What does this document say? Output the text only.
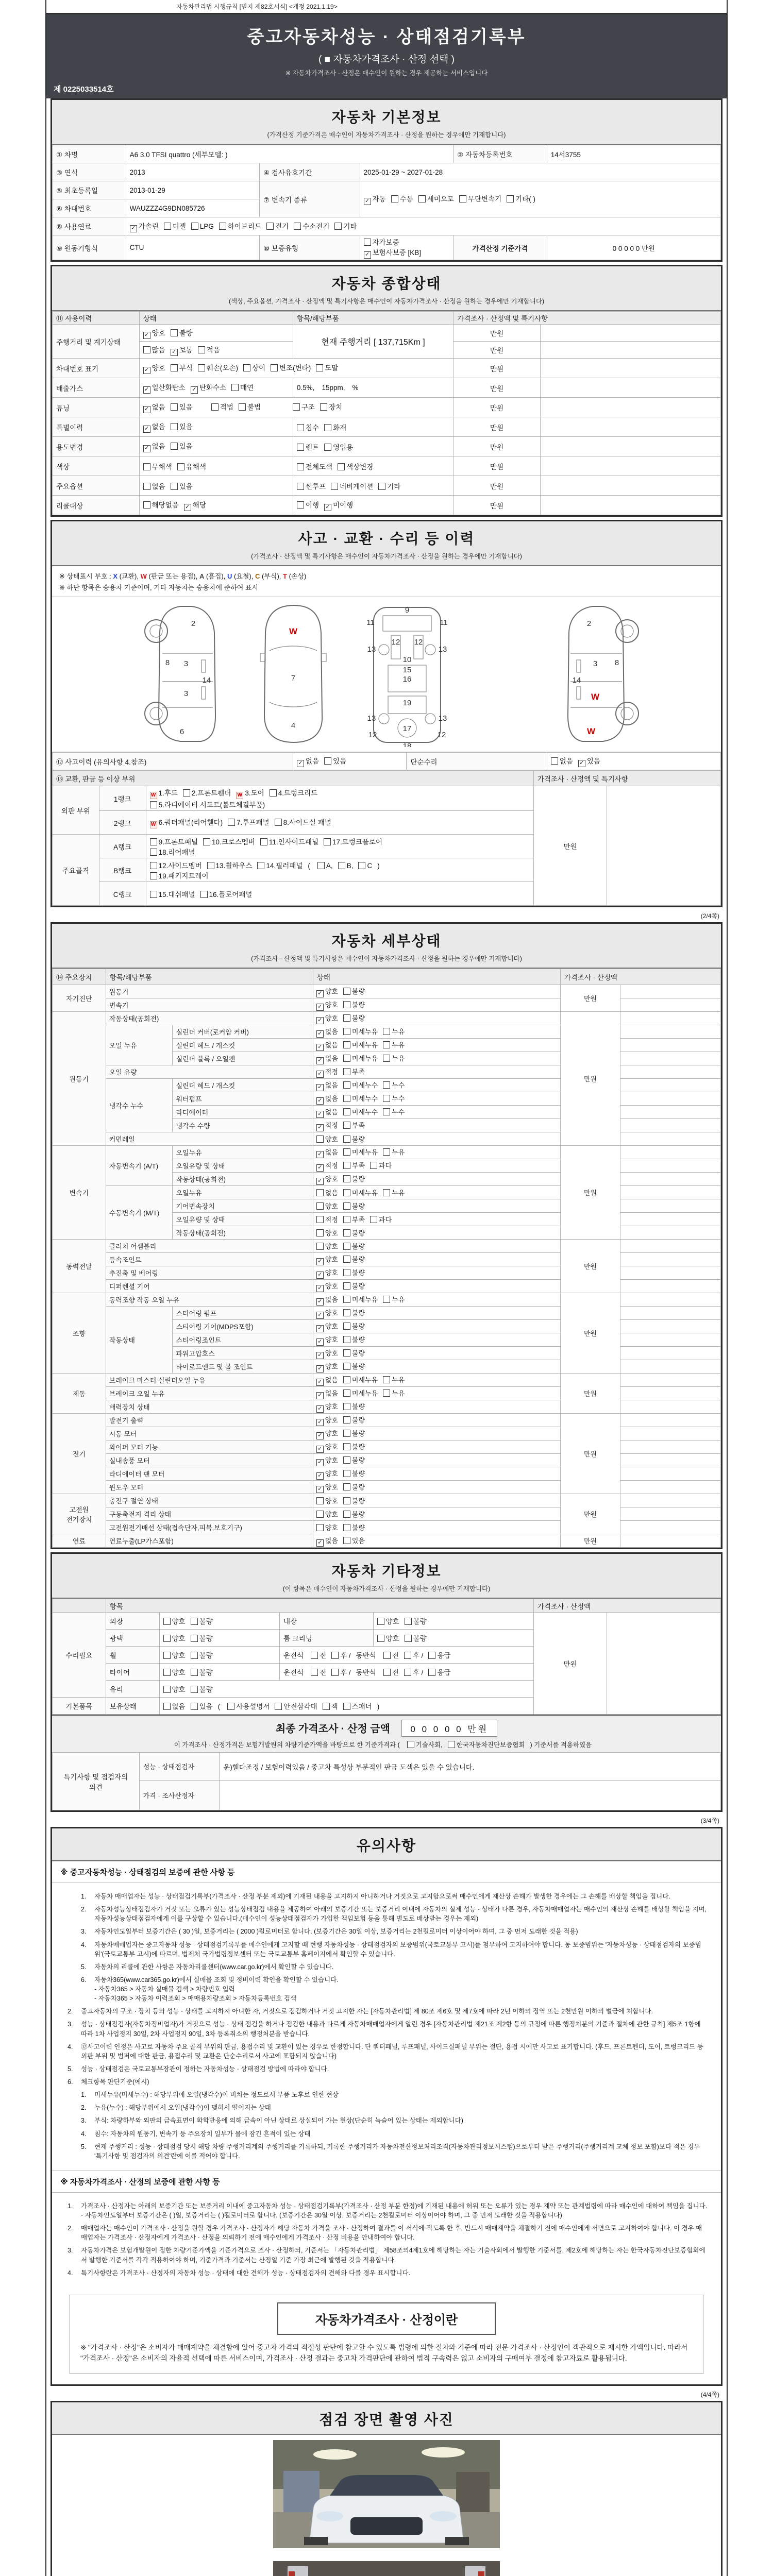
자동차관리법 시행규칙 [별지 제82호서식] <개정 2021.1.19>
중고자동차성능 · 상태점검기록부
( ■ 자동차가격조사 · 산정 선택 )
※ 자동차가격조사 · 산정은 매수인이 원하는 경우 제공하는 서비스입니다
제 0225033514호
자동차 기본정보
(가격산정 기준가격은 매수인이 자동차가격조사 · 산정을 원하는 경우에만 기재합니다)
① 차명	A6 3.0 TFSI quattro (세부모델: )			② 자동차등록번호	14서3755
③ 연식	2013	④ 검사유효기간	2025-01-29 ~ 2027-01-28		
⑤ 최초등록일	2013-01-29	⑦ 변속기 종류	✓ 자동 수동 세미오토 무단변속기 기타( )		
⑥ 차대번호	WAUZZZ4G9DN085726				
⑧ 사용연료	✓ 가솔린 디젤 LPG 하이브리드 전기 수소전기 기타				
⑨ 원동기형식	CTU	⑩ 보증유형	자가보증✓ 보험사보증 [KB]	가격산정 기준가격	0 0 0 0 0 만원
자동차 종합상태
(색상, 주요옵션, 가격조사 · 산정액 및 특기사항은 매수인이 자동차가격조사 · 산정을 원하는 경우에만 기재합니다)
⑪ 사용이력	상태	항목/해당부품	가격조사 · 산정액 및 특기사항	
주행거리 및 계기상태	✓ 양호 불량	현재 주행거리 [ 137,715Km ]	만원	
	많음 ✓ 보통 적음		만원	
차대번호 표기	✓ 양호 부식 훼손(오손) 상이 변조(변타) 도말		만원	
배출가스	✓ 일산화탄소 ✓ 탄화수소 매연	0.5%, 15ppm, %	만원	
튜닝	✓ 없음 있음 적법 불법 구조 장치		만원	
특별이력	✓ 없음 있음	침수 화재	만원	
용도변경	✓ 없음 있음	렌트 영업용	만원	
색상	무채색 유채색	전체도색 색상변경	만원	
주요옵션	없음 있음	썬루프 네비게이션 기타	만원	
리콜대상	해당없음 ✓ 해당	이행 ✓ 미이행	만원	
사고 · 교환 · 수리 등 이력
(가격조사 · 산정액 및 특기사항은 매수인이 자동차가격조사 · 산정을 원하는 경우에만 기재합니다)
※ 상태표시 부호 : X (교환), W (판금 또는 용접), A (흠집), U (요철), C (부식), T (손상)
※ 하단 항목은 승용차 기준이며, 기타 자동차는 승용차에 준하여 표시
2
8 3
14
3
6
W
7
4
9
11	11
13	13
12 12
10
15
16
19
13	13
12	12
17
18
2
3 8
14
W
W
⑫ 사고이력 (유의사항 4.참조)	✓ 없음 있음	단순수리	없음 ✓ 있음
⑬ 교환, 판금 등 이상 부위			가격조사 · 산정액 및 특기사항	
외판 부위	1랭크	W 1.후드 2.프론트휀더 W 3.도어 4.트렁크리드
5.라디에이터 서포트(볼트체결부품)	만원	
	2랭크	W 6.쿼터패널(리어휀다) 7.루프패널 8.사이드실 패널		
주요골격	A랭크	9.프론트패널 10.크로스멤버 11.인사이드패널 17.트렁크플로어
18.리어패널		
	B랭크	12.사이드멤버 13.휠하우스 14.필러패널 ( A, B, C )
19.패키지트레이		
	C랭크	15.대쉬패널 16.플로어패널		
(2/4쪽)
자동차 세부상태
(가격조사 · 산정액 및 특기사항은 매수인이 자동차가격조사 · 산정을 원하는 경우에만 기재합니다)
⑭ 주요장치	항목/해당부품		상태	가격조사 · 산정액	
자기진단	원동기		✓ 양호 불량	만원	
	변속기		✓ 양호 불량		
원동기	작동상태(공회전)		✓ 양호 불량	만원	
	오일 누유	실린더 커버(로커암 커버)	✓ 없음 미세누유 누유		
		실린더 헤드 / 개스킷	✓ 없음 미세누유 누유		
		실린더 블록 / 오일팬	✓ 없음 미세누유 누유		
	오일 유량		✓ 적정 부족		
	냉각수 누수	실린더 헤드 / 개스킷	✓ 없음 미세누수 누수		
		워터펌프	✓ 없음 미세누수 누수		
		라디에이터	✓ 없음 미세누수 누수		
		냉각수 수량	✓ 적정 부족		
	커먼레일		양호 불량		
변속기	자동변속기 (A/T)	오일누유	✓ 없음 미세누유 누유	만원	
		오일유량 및 상태	✓ 적정 부족 과다		
		작동상태(공회전)	✓ 양호 불량		
	수동변속기 (M/T)	오일누유	없음 미세누유 누유		
		기어변속장치	양호 불량		
		오일유량 및 상태	적정 부족 과다		
		작동상태(공회전)	양호 불량		
동력전달	클러치 어셈블리		양호 불량	만원	
	등속조인트		✓ 양호 불량		
	추진축 및 베어링		✓ 양호 불량		
	디퍼렌셜 기어		✓ 양호 불량		
조향	동력조향 작동 오일 누유		✓ 없음 미세누유 누유	만원	
	작동상태	스티어링 펌프	✓ 양호 불량		
		스티어링 기어(MDPS포함)	✓ 양호 불량		
		스티어링조인트	✓ 양호 불량		
		파워고압호스	✓ 양호 불량		
		타이로드엔드 및 볼 조인트	✓ 양호 불량		
제동	브레이크 마스터 실린더오일 누유		✓ 없음 미세누유 누유	만원	
	브레이크 오일 누유		✓ 없음 미세누유 누유		
	배력장치 상태		✓ 양호 불량		
전기	발전기 출력		✓ 양호 불량	만원	
	시동 모터		✓ 양호 불량		
	와이퍼 모터 기능		✓ 양호 불량		
	실내송풍 모터		✓ 양호 불량		
	라디에이터 팬 모터		✓ 양호 불량		
	윈도우 모터		✓ 양호 불량		
고전원 전기장치	충전구 절연 상태		양호 불량	만원	
	구동축전지 격리 상태		양호 불량		
	고전원전기배선 상태(접속단자,피복,보호기구)		양호 불량		
연료	연료누출(LP가스포함)		✓ 없음 있음	만원	
자동차 기타정보
(이 항목은 매수인이 자동차가격조사 · 산정을 원하는 경우에만 기재합니다)
	항목				가격조사 · 산정액	
수리필요	외장	양호 불량	내장	양호 불량	만원	
	광택	양호 불량	룸 크리닝	양호 불량		
	휠	양호 불량	운전석 전 후 / 동반석 전 후 / 응급			
	타이어	양호 불량	운전석 전 후 / 동반석 전 후 / 응급			
	유리	양호 불량				
기본품목	보유상태	없음 있음 ( 사용설명서 안전삼각대 잭 스패너 )				
최종 가격조사 · 산정 금액 0 0 0 0 0 만원
이 가격조사 · 산정가격은 보험개발원의 차량기준가액을 바탕으로 한 기준가격과 ( 기술사회, 한국자동차진단보증협회 ) 기준서를 적용하였음
특기사항 및 점검자의 의견	성능 · 상태점검자	운)휀다조정 / 보험이력있음 / 중고차 특성상 부분적인 판금 도색은 있을 수 있습니다.
	가격 · 조사산정자	
(3/4쪽)
유의사항
※ 중고자동차성능 · 상태점검의 보증에 관한 사항 등
1.	자동차 매매업자는 성능 · 상태점검기록부(가격조사 · 산정 부분 제외)에 기재된 내용을 고지하지 아니하거나 거짓으로 고지함으로써 매수인에게 재산상 손해가 발생한 경우에는 그 손해를 배상할 책임을 집니다.
2.	자동차성능상태점검자가 거짓 또는 오류가 있는 성능상태점검 내용을 제공하여 아래의 보증기간 또는 보증거리 이내에 자동차의 실제 성능 · 상태가 다른 경우, 자동차매매업자는 매수인의 재산상 손해를 배상할 책임을 지며, 자동차성능상태점검자에게 이를 구상할 수 있습니다.(매수인이 성능상태점검자가 가입한 책임보험 등을 통해 별도로 배상받는 경우는 제외)
3.	자동차인도일부터 보증기간은 ( 30 )일, 보증거리는 ( 2000 )킬로미터로 합니다. (보증기간은 30일 이상, 보증거리는 2천킬로미터 이상이어야 하며, 그 중 먼저 도래한 것을 적용)
4.	자동차매매업자는 중고자동차 성능 · 상태점검기록부를 매수인에게 고지할 때 현행 자동차성능 · 상태점검자의 보증범위(국토교통부 고시)를 첨부하여 고지하여야 합니다. 동 보증범위는 '자동차성능 · 상태점검자의 보증범위'(국토교통부 고시)에 따르며, 법제처 국가법령정보센터 또는 국토교통부 홈페이지에서 확인할 수 있습니다.
5.	자동차의 리콜에 관한 사항은 자동차리콜센터(www.car.go.kr)에서 확인할 수 있습니다.
6.	자동차365(www.car365.go.kr)에서 실매물 조회 및 정비이력 확인을 확인할 수 있습니다.
- 자동차365 > 자동차 실매물 검색 > 차량번호 입력
- 자동차365 > 자동차 이력조회 > 매매용차량조회 > 자동차등록번호 검색
2.	중고자동차의 구조 · 장치 등의 성능 · 상태를 고지하지 아니한 자, 거짓으로 점검하거나 거짓 고지한 자는 [자동차관리법] 제 80조 제6호 및 제7호에 따라 2년 이하의 징역 또는 2천만원 이하의 벌금에 처합니다.
3.	성능 · 상태점검자(자동차정비업자)가 거짓으로 성능 · 상태 점검을 하거나 점검한 내용과 다르게 자동차매매업자에게 알린 경우 [자동차관리법 제21조 제2항 등의 규정에 따른 행정처분의 기준과 절차에 관한 규칙] 제5조 1항에 따라 1차 사업정지 30일, 2차 사업정지 90일, 3차 등록취소의 행정처분을 받습니다.
4.	⑫사고이력 인정은 사고로 자동차 주요 골격 부위의 판금, 용접수리 및 교환이 있는 경우로 한정합니다. 단 쿼터패널, 루프패널, 사이드실패널 부위는 절단, 용접 시에만 사고로 표기합니다. (후드, 프론트펜더, 도어, 트렁크리드 등 외판 부위 및 범퍼에 대한 판금, 용접수리 및 교환은 단순수리로서 사고에 포함되지 않습니다)
5.	성능 · 상태점검은 국토교통부장관이 정하는 자동차성능 · 상태점검 방법에 따라야 합니다.
6.	체크항목 판단기준(예시)
1.	미세누유(미세누수) : 해당부위에 오일(냉각수)이 비치는 정도로서 부품 노후로 인한 현상
2.	누유(누수) : 해당부위에서 오일(냉각수)이 맺혀서 떨어지는 상태
3.	부식: 차량하부와 외판의 금속표면이 화학반응에 의해 금속이 아닌 상태로 상실되어 가는 현상(단순히 녹슬어 있는 상태는 제외합니다)
4.	침수: 자동차의 원동기, 변속기 등 주요장치 일부가 물에 잠긴 흔적이 있는 상태
5.	현재 주행거리 : 성능 · 상태점검 당시 해당 차량 주행거리계의 주행거리를 기록하되, 기록한 주행거리가 자동차전산정보처리조직(자동차관리정보시스템)으로부터 받은 주행거리(주행거리계 교체 정보 포함)보다 적은 경우 '특기사항 및 점검자의 의견'란에 이를 적어야 합니다.
※ 자동차가격조사 · 산정의 보증에 관한 사항 등
1.	가격조사 · 산정자는 아래의 보증기간 또는 보증거리 이내에 중고자동차 성능 · 상태점검기록부(가격조사 · 산정 부분 한정)에 기재된 내용에 허위 또는 오류가 있는 경우 계약 또는 관계법령에 따라 매수인에 대하여 책임을 집니다. · 자동차인도일부터 보증기간은 ( )일, 보증거리는 ( )킬로미터로 합니다. (보증기간은 30일 이상, 보증거리는 2천킬로미터 이상이어야 하며, 그 중 먼저 도래한 것을 적용합니다)
2.	매매업자는 매수인이 가격조사 · 산정을 원할 경우 가격조사 · 산정자가 해당 자동차 가격을 조사 · 산정하여 결과를 이 서식에 적도록 한 후, 반드시 매매계약을 체결하기 전에 매수인에게 서면으로 고지하여야 합니다. 이 경우 매매업자는 가격조사 · 산정자에게 가격조사 · 산정을 의뢰하기 전에 매수인에게 가격조사 · 산정 비용을 안내하여야 합니다.
3.	자동차가격은 보험개발원이 정한 차량기준가액을 기준가격으로 조사 · 산정하되, 기준서는 「자동차관리법」 제58조의4제1호에 해당하는 자는 기술사회에서 발행한 기준서를, 제2호에 해당하는 자는 한국자동차진단보증협회에서 발행한 기준서를 각각 적용하여야 하며, 기준가격과 기준서는 산정일 기준 가장 최근에 발행된 것을 적용합니다.
4.	특기사항란은 가격조사 · 산정자의 자동차 성능 · 상태에 대한 견해가 성능 · 상태점검자의 견해와 다를 경우 표시합니다.
자동차가격조사 · 산정이란
※ "가격조사 · 산정"은 소비자가 매매계약을 체결함에 있어 중고차 가격의 적절성 판단에 참고할 수 있도록 법령에 의한 절차와 기준에 따라 전문 가격조사 · 산정인이 객관적으로 제시한 가액입니다. 따라서 "가격조사 · 산정"은 소비자의 자율적 선택에 따른 서비스이며, 가격조사 · 산정 결과는 중고차 가격판단에 관하여 법적 구속력은 없고 소비자의 구매여부 결정에 참고자료로 활용됩니다.
(4/4쪽)
점검 장면 촬영 사진
